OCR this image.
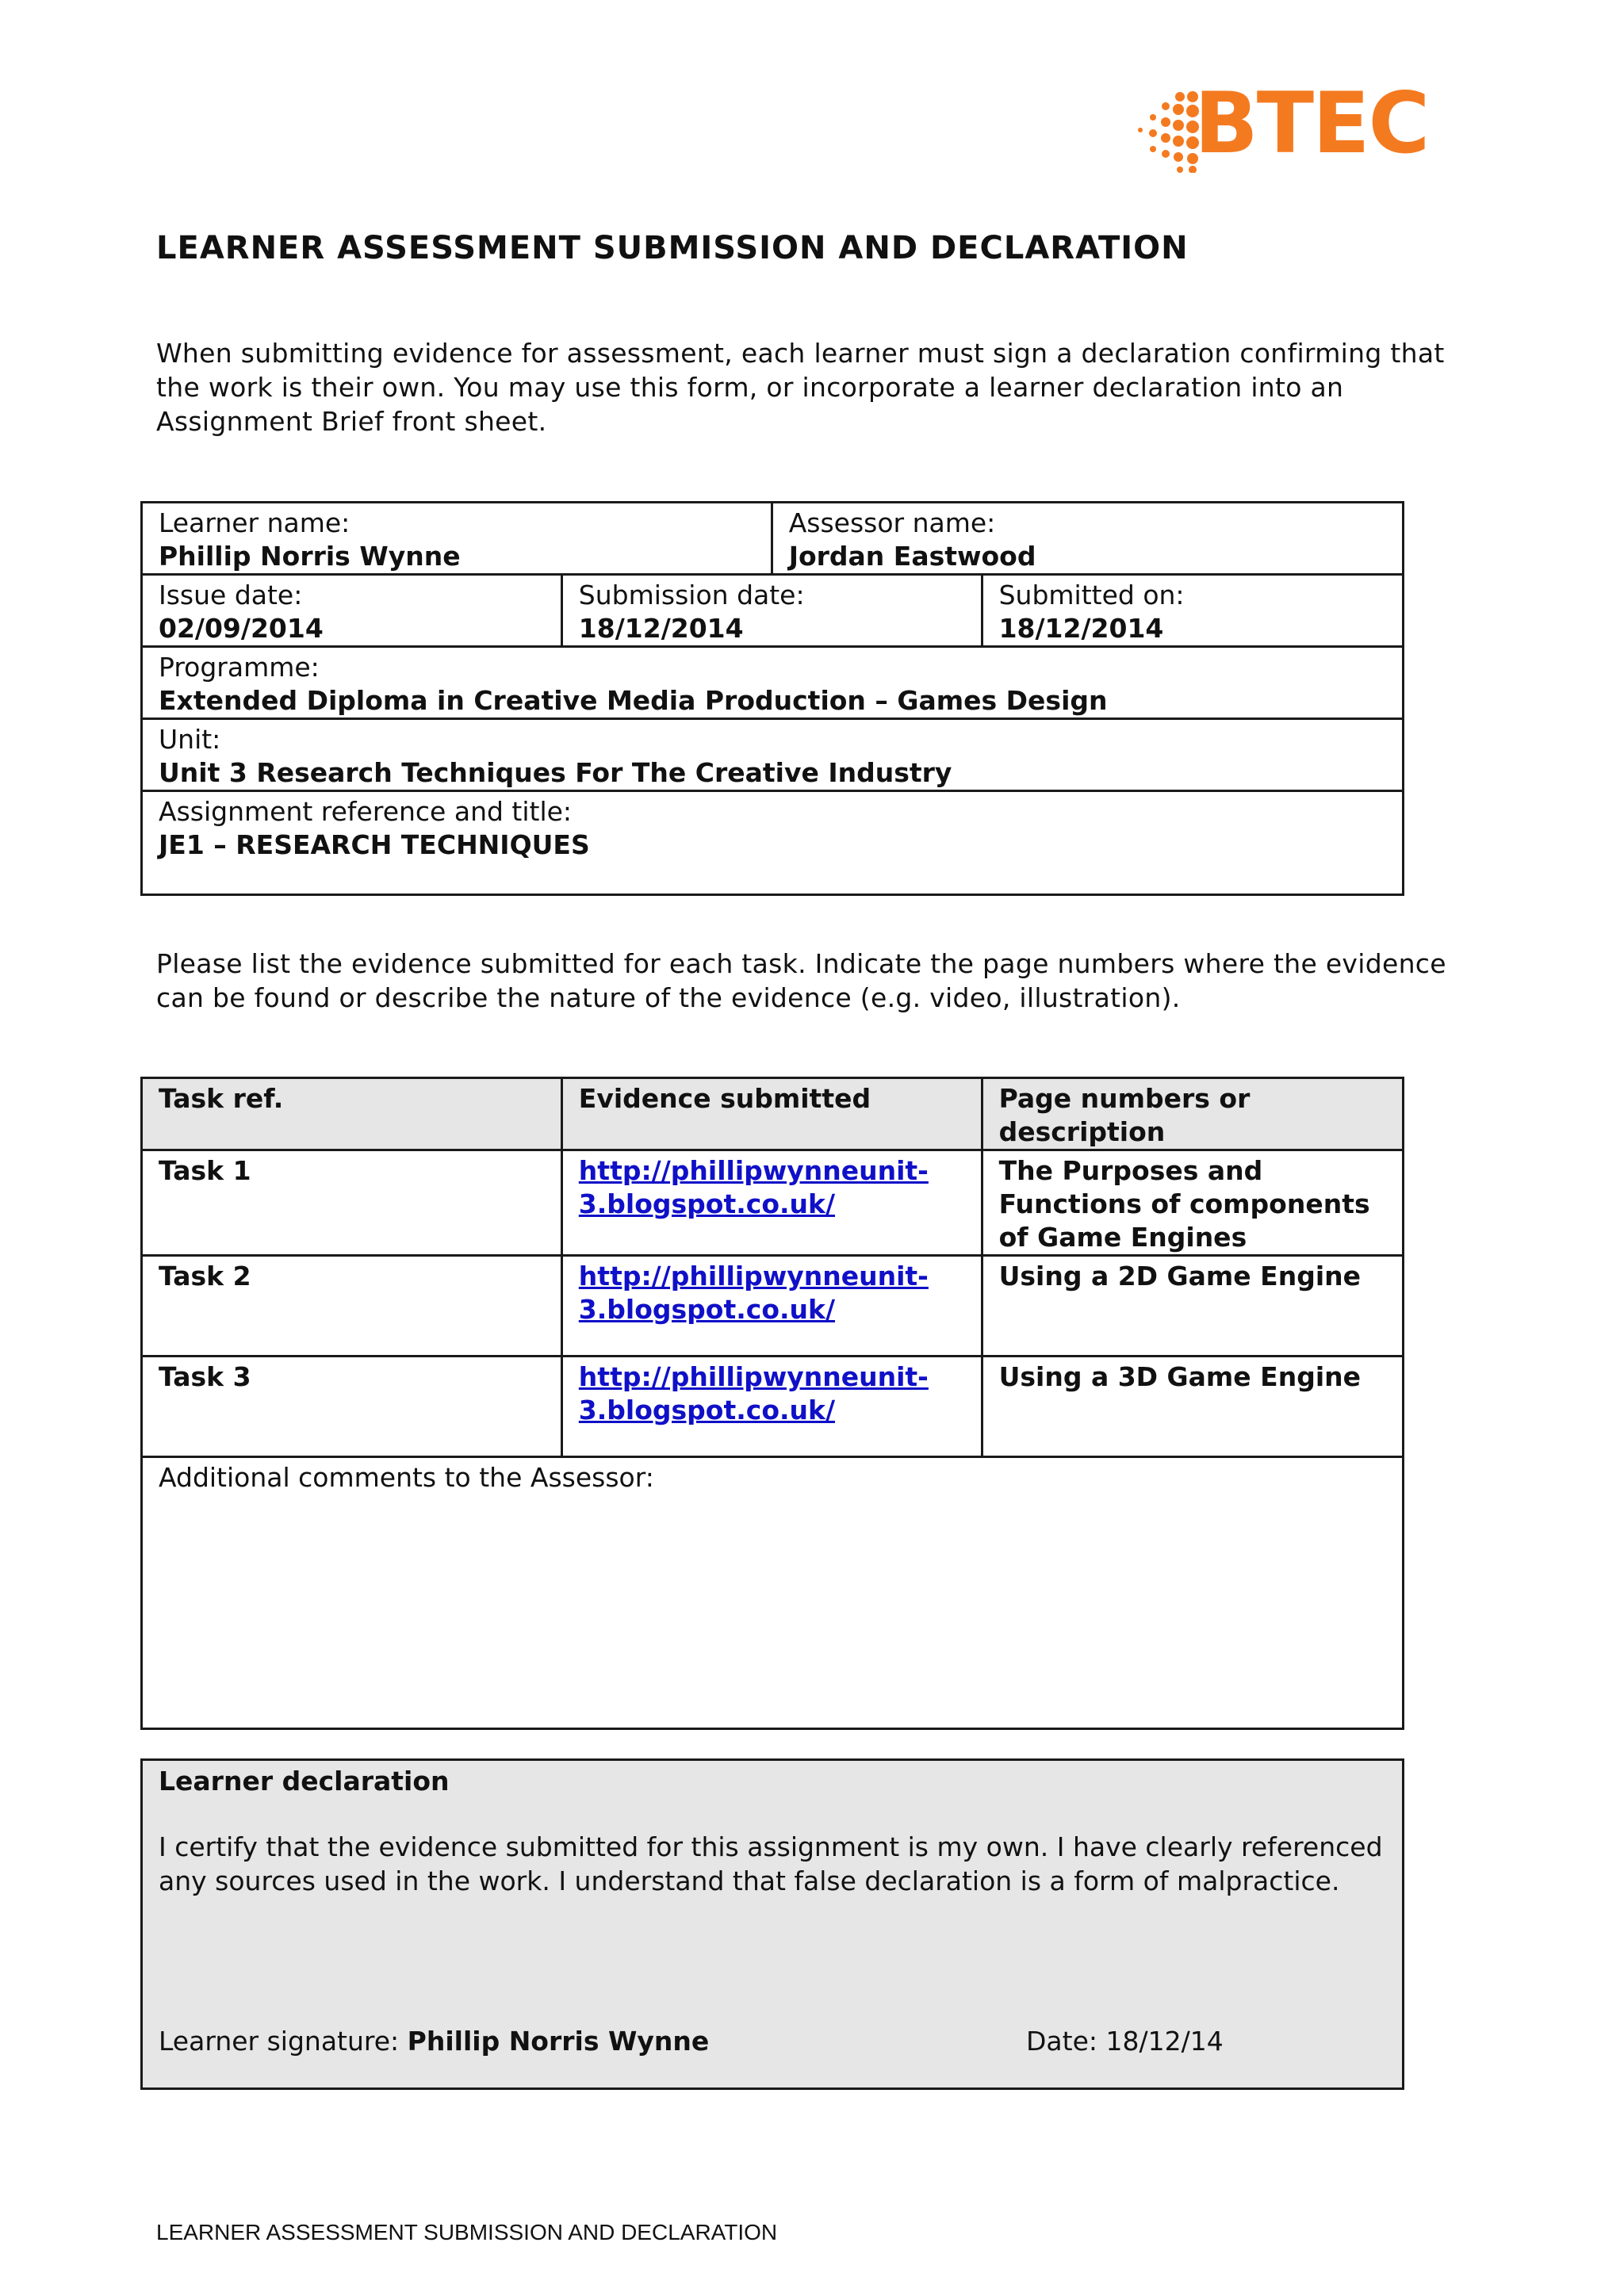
BTEC
LEARNER ASSESSMENT SUBMISSION AND DECLARATION
When submitting evidence for assessment, each learner must sign a declaration confirming that the work is their own. You may use this form, or incorporate a learner declaration into an Assignment Brief front sheet.
Learner name:
Phillip Norris Wynne		Assessor name:
Jordan Eastwood	

Issue date:
02/09/2014	Submission date:
18/12/2014		Submitted on:
18/12/2014

Programme:
Extended Diploma in Creative Media Production – Games Design			

Unit:
Unit 3 Research Techniques For The Creative Industry			

Assignment reference and title:
JE1 – RESEARCH TECHNIQUES			
Please list the evidence submitted for each task. Indicate the page numbers where the evidence can be found or describe the nature of the evidence (e.g. video, illustration).
Task ref.	Evidence submitted	Page numbers or description
Task 1	http://phillipwynneunit-3.blogspot.co.uk/	The Purposes and Functions of components of Game Engines
Task 2	http://phillipwynneunit-3.blogspot.co.uk/	Using a 2D Game Engine
Task 3	http://phillipwynneunit-3.blogspot.co.uk/	Using a 3D Game Engine
Additional comments to the Assessor:		
Learner declaration
I certify that the evidence submitted for this assignment is my own. I have clearly referenced any sources used in the work. I understand that false declaration is a form of malpractice.
Learner signature: Phillip Norris Wynne	Date: 18/12/14
LEARNER ASSESSMENT SUBMISSION AND DECLARATION
